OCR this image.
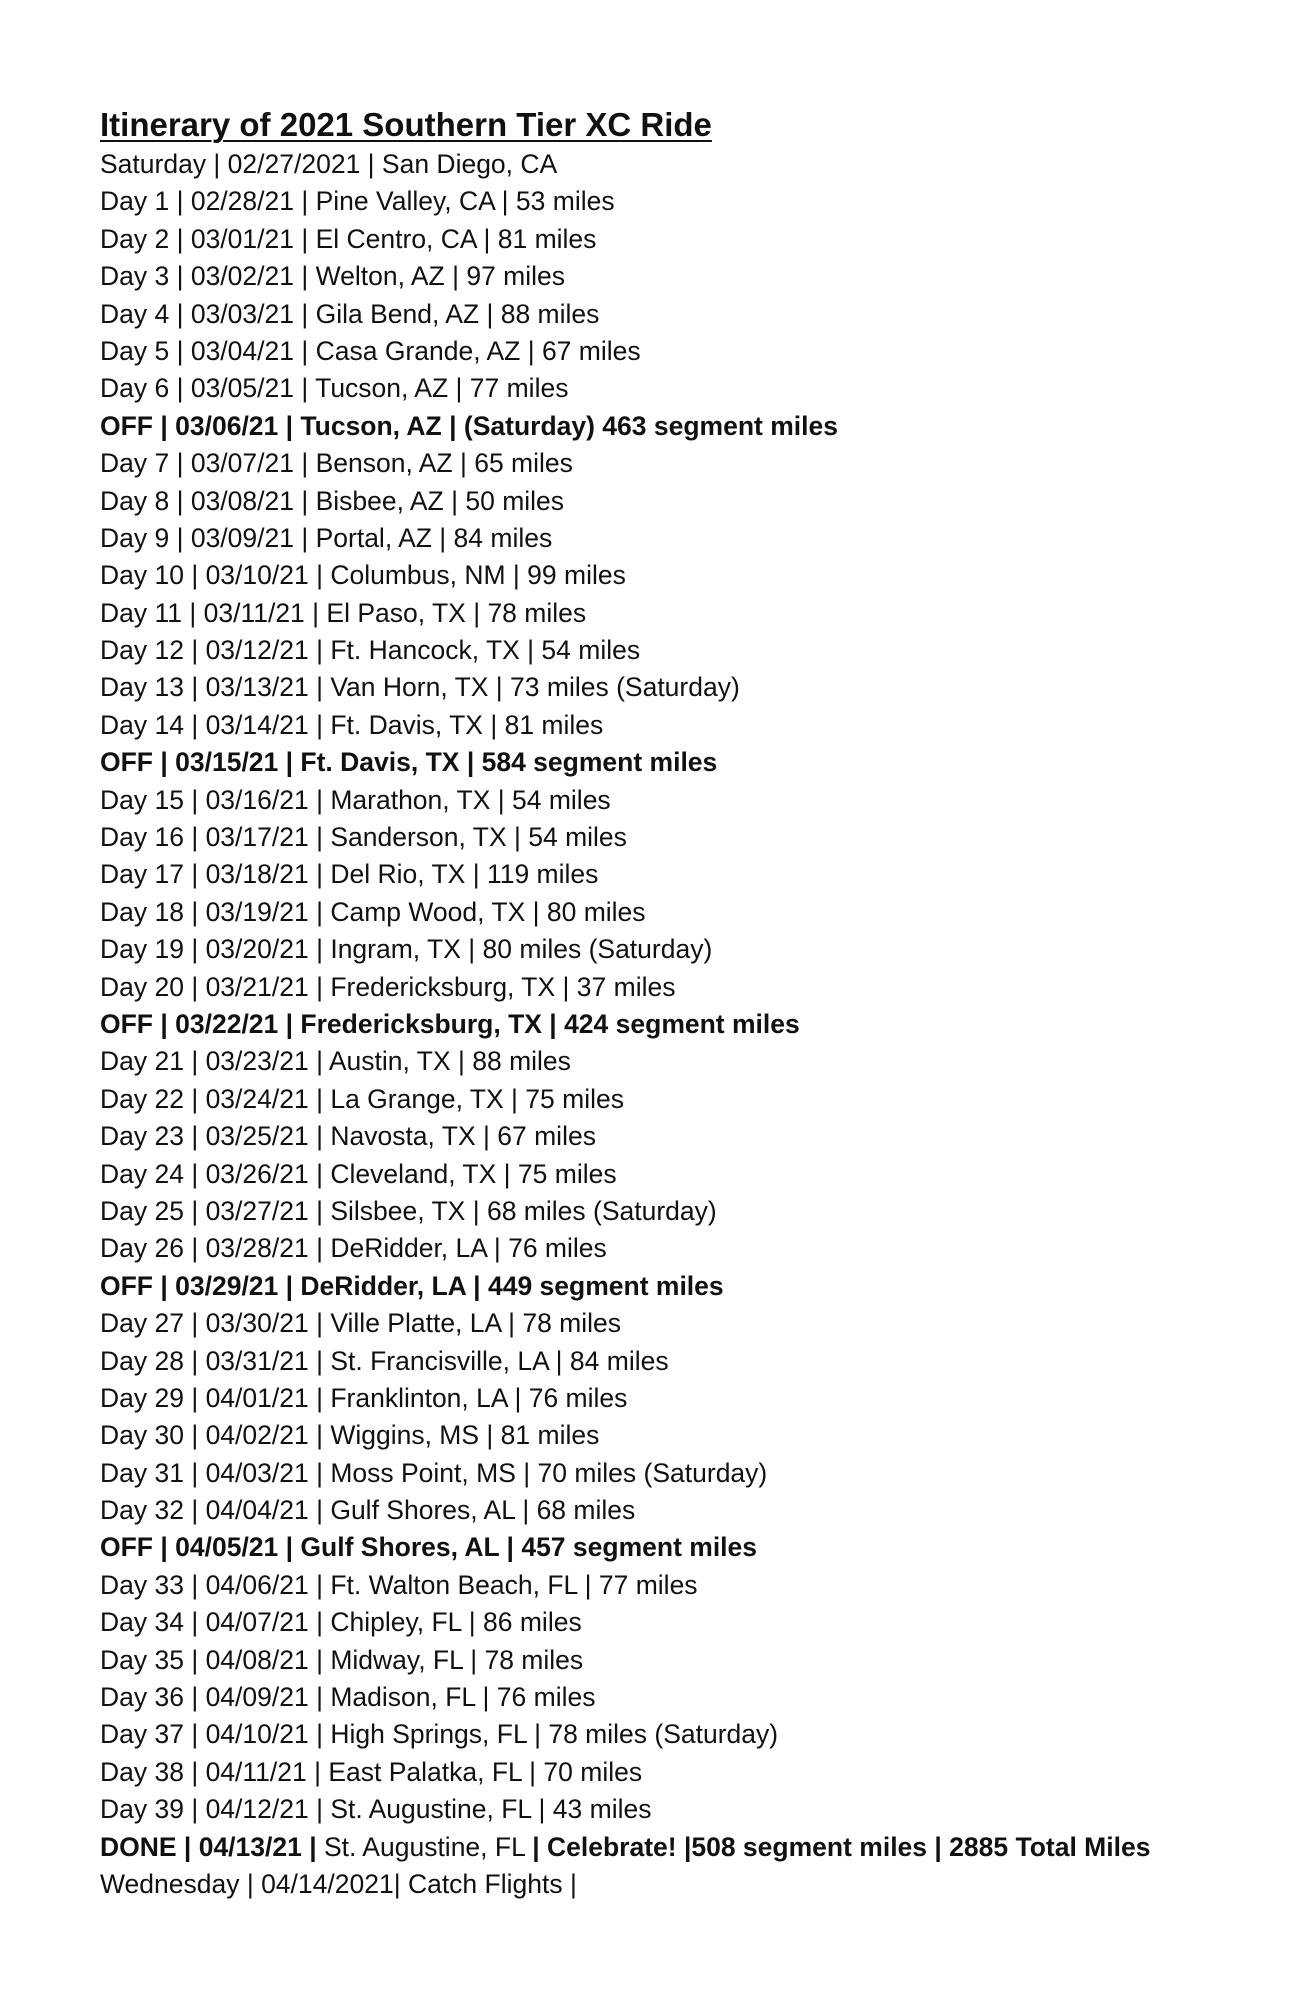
Itinerary of 2021 Southern Tier XC Ride
Saturday | 02/27/2021 | San Diego, CA
Day 1 | 02/28/21 | Pine Valley, CA | 53 miles
Day 2 | 03/01/21 | El Centro, CA | 81 miles
Day 3 | 03/02/21 | Welton, AZ | 97 miles
Day 4 | 03/03/21 | Gila Bend, AZ | 88 miles
Day 5 | 03/04/21 | Casa Grande, AZ | 67 miles
Day 6 | 03/05/21 | Tucson, AZ | 77 miles
OFF | 03/06/21 | Tucson, AZ | (Saturday) 463 segment miles
Day 7 | 03/07/21 | Benson, AZ | 65 miles
Day 8 | 03/08/21 | Bisbee, AZ | 50 miles
Day 9 | 03/09/21 | Portal, AZ | 84 miles
Day 10 | 03/10/21 | Columbus, NM | 99 miles
Day 11 | 03/11/21 | El Paso, TX | 78 miles
Day 12 | 03/12/21 | Ft. Hancock, TX | 54 miles
Day 13 | 03/13/21 | Van Horn, TX | 73 miles (Saturday)
Day 14 | 03/14/21 | Ft. Davis, TX | 81 miles
OFF | 03/15/21 | Ft. Davis, TX | 584 segment miles
Day 15 | 03/16/21 | Marathon, TX | 54 miles
Day 16 | 03/17/21 | Sanderson, TX | 54 miles
Day 17 | 03/18/21 | Del Rio, TX | 119 miles
Day 18 | 03/19/21 | Camp Wood, TX | 80 miles
Day 19 | 03/20/21 | Ingram, TX | 80 miles (Saturday)
Day 20 | 03/21/21 | Fredericksburg, TX | 37 miles
OFF | 03/22/21 | Fredericksburg, TX | 424 segment miles
Day 21 | 03/23/21 | Austin, TX | 88 miles
Day 22 | 03/24/21 | La Grange, TX | 75 miles
Day 23 | 03/25/21 | Navosta, TX | 67 miles
Day 24 | 03/26/21 | Cleveland, TX | 75 miles
Day 25 | 03/27/21 | Silsbee, TX | 68 miles (Saturday)
Day 26 | 03/28/21 | DeRidder, LA | 76 miles
OFF | 03/29/21 | DeRidder, LA | 449 segment miles
Day 27 | 03/30/21 | Ville Platte, LA | 78 miles
Day 28 | 03/31/21 | St. Francisville, LA | 84 miles
Day 29 | 04/01/21 | Franklinton, LA | 76 miles
Day 30 | 04/02/21 | Wiggins, MS | 81 miles
Day 31 | 04/03/21 | Moss Point, MS | 70 miles (Saturday)
Day 32 | 04/04/21 | Gulf Shores, AL | 68 miles
OFF | 04/05/21 | Gulf Shores, AL | 457 segment miles
Day 33 | 04/06/21 | Ft. Walton Beach, FL | 77 miles
Day 34 | 04/07/21 | Chipley, FL | 86 miles
Day 35 | 04/08/21 | Midway, FL | 78 miles
Day 36 | 04/09/21 | Madison, FL | 76 miles
Day 37 | 04/10/21 | High Springs, FL | 78 miles (Saturday)
Day 38 | 04/11/21 | East Palatka, FL | 70 miles
Day 39 | 04/12/21 | St. Augustine, FL | 43 miles
DONE | 04/13/21 | St. Augustine, FL | Celebrate! |508 segment miles | 2885 Total Miles
Wednesday | 04/14/2021| Catch Flights |
